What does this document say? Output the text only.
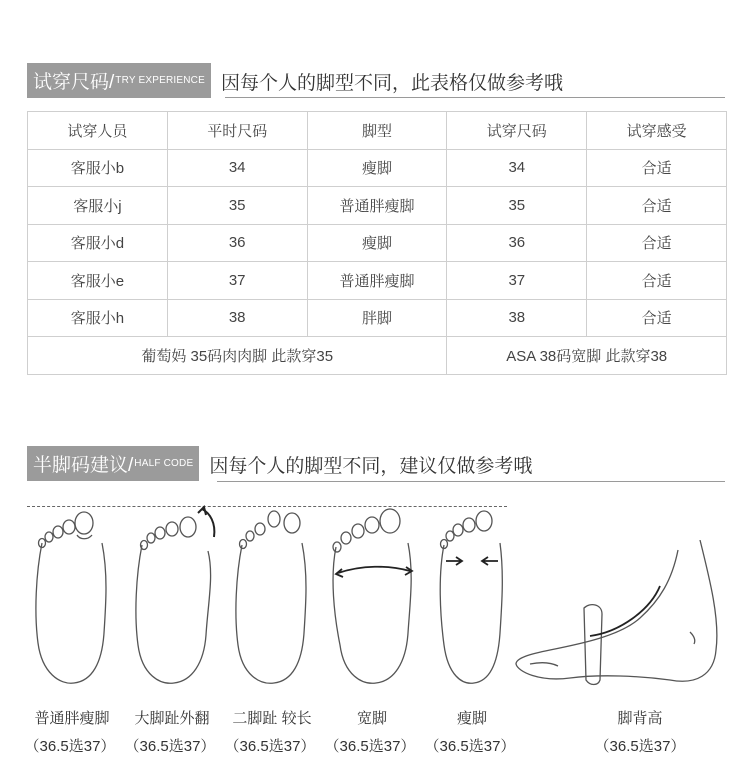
试穿尺码/ TRY EXPERIENCE 因每个人的脚型不同，此表格仅做参考哦
试穿人员	平时尺码	脚型	试穿尺码	试穿感受
客服小b	34	瘦脚	34	合适
客服小j	35	普通胖瘦脚	35	合适
客服小d	36	瘦脚	36	合适
客服小e	37	普通胖瘦脚	37	合适
客服小h	38	胖脚	38	合适
葡萄妈 35码肉肉脚 此款穿35			ASA 38码宽脚 此款穿38	
半脚码建议/ HALF CODE 因每个人的脚型不同，建议仅做参考哦
普通胖瘦脚	大脚趾外翻	二脚趾 较长	宽脚	瘦脚	脚背高
（36.5选37） （36.5选37） （36.5选37） （36.5选37） （36.5选37）	（36.5选37）
